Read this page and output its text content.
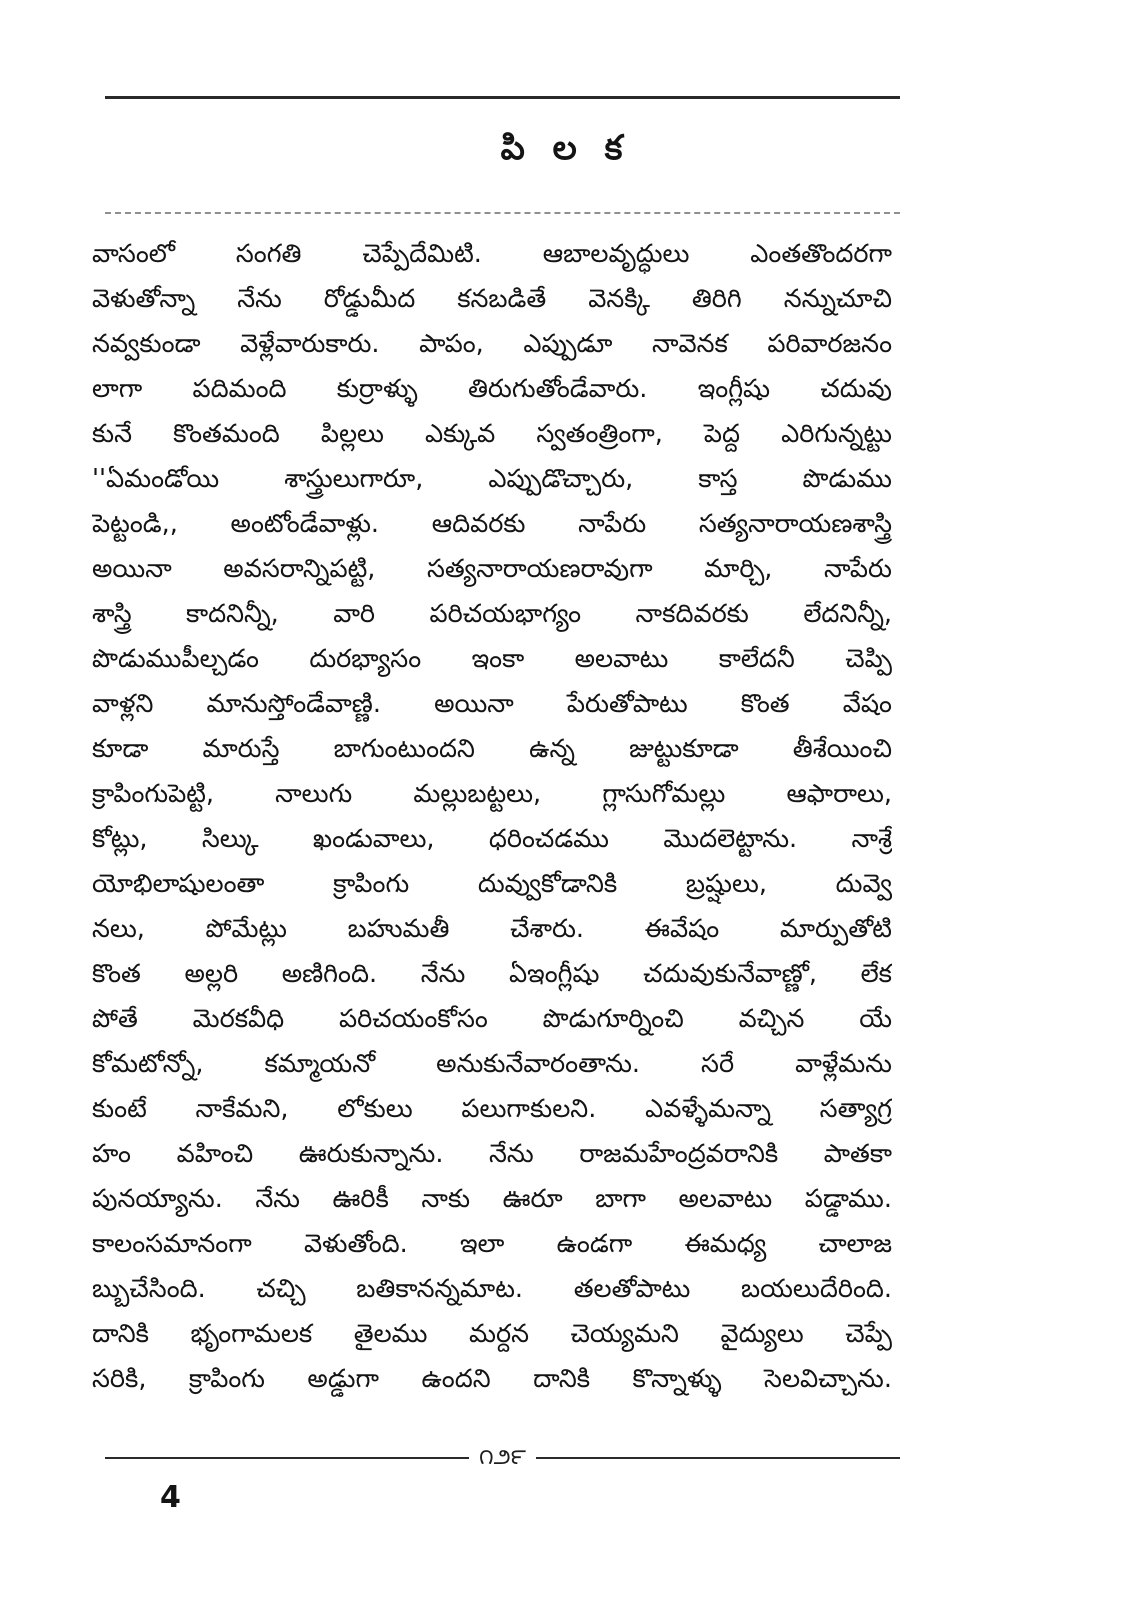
పి ల క
వాసంలో సంగతి చెప్పేదేమిటి. ఆబాలవృద్ధులు ఎంతతొందరగా
వెళుతోన్నా నేను రోడ్డుమీద కనబడితే వెనక్కి తిరిగి నన్నుచూచి
నవ్వకుండా వెళ్లేవారుకారు. పాపం, ఎప్పుడూ నావెనక పరివారజనం
లాగా పదిమంది కుర్రాళ్ళు తిరుగుతోండేవారు. ఇంగ్లీషు చదువు
కునే కొంతమంది పిల్లలు ఎక్కువ స్వతంత్రింగా, పెద్ద ఎరిగున్నట్టు
''ఏమండోయి శాస్త్రులుగారూ, ఎప్పుడొచ్చారు, కాస్త పొడుము
పెట్టండి,, అంటోండేవాళ్లు. ఆదివరకు నాపేరు సత్యనారాయణశాస్త్రి
అయినా అవసరాన్నిపట్టి, సత్యనారాయణరావుగా మార్చి, నాపేరు
శాస్త్రి కాదనిన్నీ, వారి పరిచయభాగ్యం నాకదివరకు లేదనిన్నీ,
పొడుముపీల్చడం దురభ్యాసం ఇంకా అలవాటు కాలేదనీ చెప్పి
వాళ్లని మానుస్తోండేవాణ్ణి. అయినా పేరుతోపాటు కొంత వేషం
కూడా మారుస్తే బాగుంటుందని ఉన్న జుట్టుకూడా తీశేయించి
క్రాపింగుపెట్టి, నాలుగు మల్లుబట్టలు, గ్లాసుగోమల్లు ఆఫారాలు,
కోట్లు, సిల్కు ఖండువాలు, ధరించడము మొదలెట్టాను. నాశ్రే
యోభిలాషులంతా క్రాపింగు దువ్వుకోడానికి బ్రష్షులు, దువ్వె
నలు, పోమేట్లు బహుమతీ చేశారు. ఈవేషం మార్పుతోటి
కొంత అల్లరి అణిగింది. నేను ఏఇంగ్లీషు చదువుకునేవాణ్ణో, లేక
పోతే మెరకవీధి పరిచయంకోసం పొడుగూర్నించి వచ్చిన యే
కోమటోన్నో, కమ్మాయనో అనుకునేవారంతాను. సరే వాళ్లేమను
కుంటే నాకేమని, లోకులు పలుగాకులని. ఎవళ్ళేమన్నా సత్యాగ్ర
హం వహించి ఊరుకున్నాను. నేను రాజమహేంద్రవరానికి పాతకా
పునయ్యాను. నేను ఊరికీ నాకు ఊరూ బాగా అలవాటు పడ్డాము.
కాలంసమానంగా వెళుతోంది. ఇలా ఉండగా ఈమధ్య చాలాజ
బ్బుచేసింది. చచ్చి బతికానన్నమాట. తలతోపాటు బయలుదేరింది.
దానికి భృంగామలక తైలము మర్దన చెయ్యమని వైద్యులు చెప్పే
సరికి, క్రాపింగు అడ్డుగా ఉందని దానికి కొన్నాళ్ళు సెలవిచ్చాను.
౧౨౯
4
